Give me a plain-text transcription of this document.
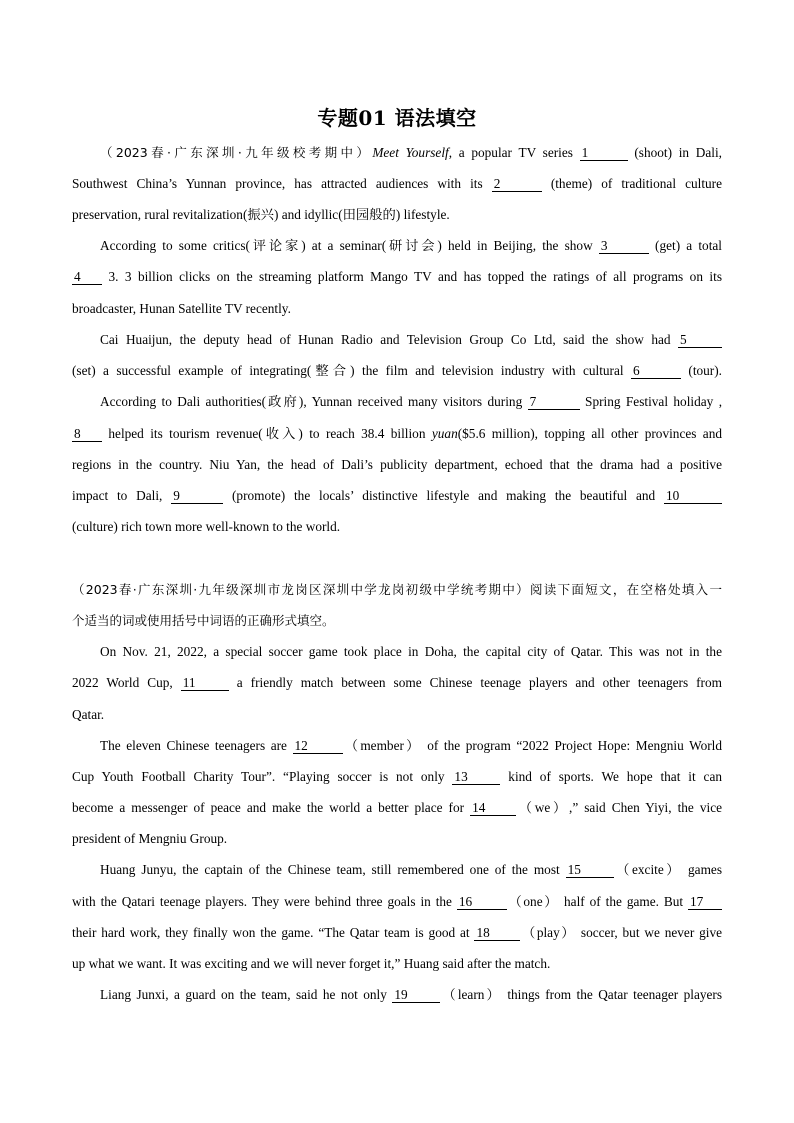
专题01 语法填空
（2023春·广东深圳·九年级校考期中）Meet Yourself, a popular TV series 1	(shoot) in Dali,
Southwest China’s Yunnan province, has attracted audiences with its 2	(theme) of traditional culture
preservation, rural revitalization(振兴) and idyllic(田园般的) lifestyle.
According to some critics(评论家) at a seminar(研讨会) held in Beijing, the show 3	(get) a total
4 3. 3 billion clicks on the streaming platform Mango TV and has topped the ratings of all programs on its
broadcaster, Hunan Satellite TV recently.
Cai Huaijun, the deputy head of Hunan Radio and Television Group Co Ltd, said the show had 5
(set) a successful example of integrating(整合) the film and television industry with cultural 6	(tour).
According to Dali authorities(政府), Yunnan received many visitors during 7	Spring Festival holiday ,
8 helped its tourism revenue(收入) to reach 38.4 billion yuan($5.6 million), topping all other provinces and
regions in the country. Niu Yan, the head of Dali’s publicity department, echoed that the drama had a positive
impact to Dali, 9	(promote) the locals’ distinctive lifestyle and making the beautiful and 10
(culture) rich town more well-known to the world.
（2023春·广东深圳·九年级深圳市龙岗区深圳中学龙岗初级中学统考期中）阅读下面短文，在空格处填入一
个适当的词或使用括号中词语的正确形式填空。
On Nov. 21, 2022, a special soccer game took place in Doha, the capital city of Qatar. This was not in the
2022 World Cup, 11	a friendly match between some Chinese teenage players and other teenagers from
Qatar.
The eleven Chinese teenagers are 12	（member） of the program “2022 Project Hope: Mengniu World
Cup Youth Football Charity Tour”. “Playing soccer is not only 13	kind of sports. We hope that it can
become a messenger of peace and make the world a better place for 14 （we）,” said Chen Yiyi, the vice
president of Mengniu Group.
Huang Junyu, the captain of the Chinese team, still remembered one of the most 15 （excite） games
with the Qatari teenage players. They were behind three goals in the 16	（one） half of the game. But 17
their hard work, they finally won the game. “The Qatar team is good at 18 （play） soccer, but we never give
up what we want. It was exciting and we will never forget it,” Huang said after the match.
Liang Junxi, a guard on the team, said he not only 19 （learn） things from the Qatar teenager players
